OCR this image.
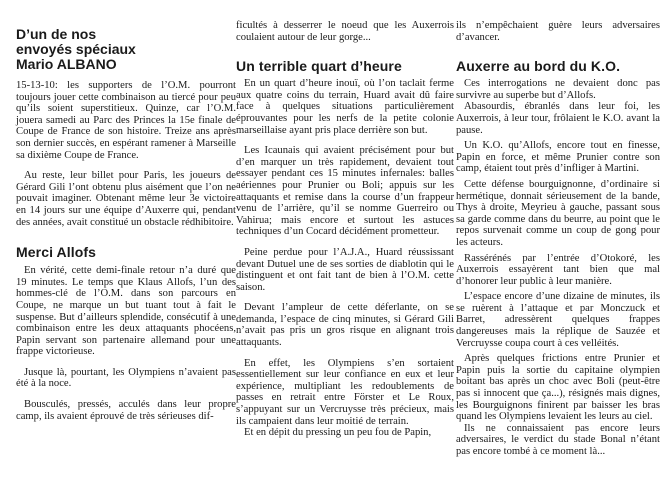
D’un de nos

envoyés spéciaux

Mario ALBANO

15-13-10: les supporters de l’O.M. pourront toujours jouer cette combinaison au tiercé pour peu qu’ils soient superstitieux. Quinze, car l’O.M. jouera samedi au Parc des Princes la 15e finale de Coupe de France de son histoire. Treize ans après son dernier succès, en espérant ramener à Marseille sa dixième Coupe de France.

Au reste, leur billet pour Paris, les joueurs de Gérard Gili l’ont obtenu plus aisément que l’on ne pouvait imaginer. Obtenant même leur 3e victoire en 14 jours sur une équipe d’Auxerre qui, pendant des années, avait constitué un obstacle rédhibitoire.

Merci Allofs

En vérité, cette demi-finale retour n’a duré que 19 minutes. Le temps que Klaus Allofs, l’un des hommes-clé de l’O.M. dans son parcours en Coupe, ne marque un but tuant tout à fait le suspense. But d’ailleurs splendide, consécutif à une combinaison entre les deux attaquants phocéens, Papin servant son partenaire allemand pour une frappe victorieuse.

Jusque là, pourtant, les Olympiens n’avaient pas été à la noce.

Bousculés, pressés, acculés dans leur propre camp, ils avaient éprouvé de très sérieuses dif-

ficultés à desserrer le noeud que les Auxerrois coulaient autour de leur gorge...

Un terrible quart d’heure

En un quart d’heure inouï, où l’on taclait ferme aux quatre coins du terrain, Huard avait dû faire face à quelques situations particulièrement éprouvantes pour les nerfs de la petite colonie marseillaise ayant pris place derrière son but.

Les Icaunais qui avaient précisément pour but d’en marquer un très rapidement, devaient tout essayer pendant ces 15 minutes infernales: balles aériennes pour Prunier ou Boli; appuis sur les attaquants et remise dans la course d’un frappeur venu de l’arrière, qu’il se nomme Guerreiro ou Vahirua; mais encore et surtout les astuces techniques d’un Cocard décidément prometteur.

Peine perdue pour l’A.J.A., Huard réussissant devant Dutuel une de ses sorties de diablotin qui le distinguent et ont fait tant de bien à l’O.M. cette saison.

Devant l’ampleur de cette déferlante, on se demanda, l’espace de cinq minutes, si Gérard Gili n’avait pas pris un gros risque en alignant trois attaquants.

En effet, les Olympiens s’en sortaient essentiellement sur leur confiance en eux et leur expérience, multipliant les redoublements de passes en retrait entre Förster et Le Roux, s’appuyant sur un Vercruysse très précieux, mais ils campaient dans leur moitié de terrain.

Et en dépit du pressing un peu fou de Papin,

ils n’empêchaient guère leurs adversaires d’avancer.

Auxerre au bord du K.O.

Ces interrogations ne devaient donc pas survivre au superbe but d’Allofs.

Abasourdis, ébranlés dans leur foi, les Auxerrois, à leur tour, frôlaient le K.O. avant la pause.

Un K.O. qu’Allofs, encore tout en finesse, Papin en force, et même Prunier contre son camp, étaient tout près d’infliger à Martini.

Cette défense bourguignonne, d’ordinaire si hermétique, donnait sérieusement de la bande, Thys à droite, Meyrieu à gauche, passant sous sa garde comme dans du beurre, au point que le repos survenait comme un coup de gong pour les acteurs.

Rassérénés par l’entrée d’Otokoré, les Auxerrois essayèrent tant bien que mal d’honorer leur public à leur manière.

L’espace encore d’une dizaine de minutes, ils se ruèrent à l’attaque et par Monczuck et Barret, adressèrent quelques frappes dangereuses mais la réplique de Sauzée et Vercruysse coupa court à ces velléités.

Après quelques frictions entre Prunier et Papin puis la sortie du capitaine olympien boitant bas après un choc avec Boli (peut-être pas si innocent que ça...), résignés mais dignes, les Bourguignons finirent par baisser les bras quand les Olympiens levaient les leurs au ciel.

Ils ne connaissaient pas encore leurs adversaires, le verdict du stade Bonal n’étant pas encore tombé à ce moment là...
